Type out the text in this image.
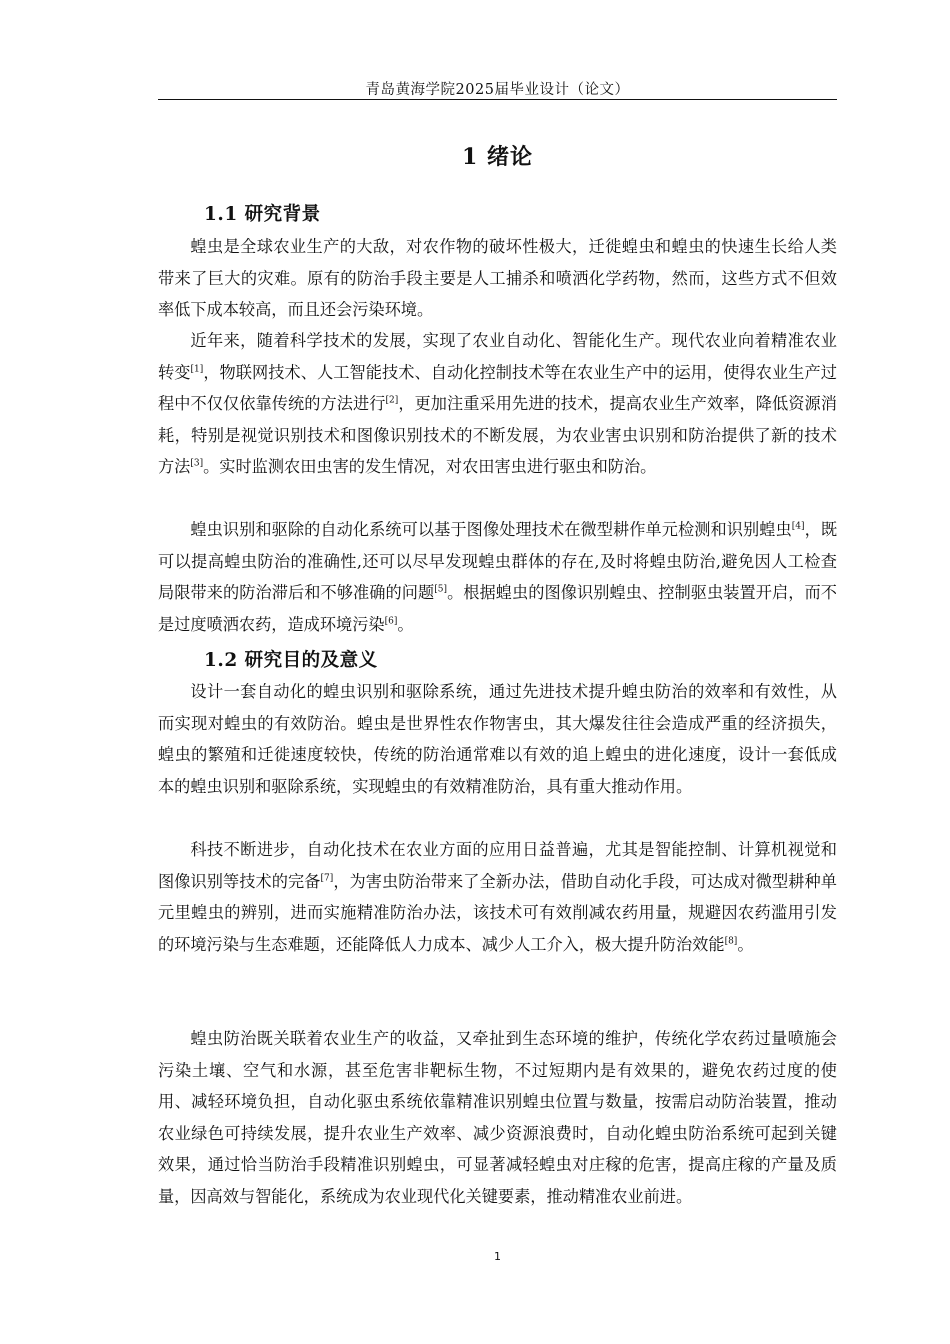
青岛黄海学院2025届毕业设计（论文）
1 绪论
1.1 研究背景

蝗虫是全球农业生产的大敌，对农作物的破坏性极大，迁徙蝗虫和蝗虫的快速生长给人类带来了巨大的灾难。原有的防治手段主要是人工捕杀和喷洒化学药物，然而，这些方式不但效率低下成本较高，而且还会污染环境。

近年来，随着科学技术的发展，实现了农业自动化、智能化生产。现代农业向着精准农业转变[1]，物联网技术、人工智能技术、自动化控制技术等在农业生产中的运用，使得农业生产过程中不仅仅依靠传统的方法进行[2]，更加注重采用先进的技术，提高农业生产效率，降低资源消耗，特别是视觉识别技术和图像识别技术的不断发展，为农业害虫识别和防治提供了新的技术方法[3]。实时监测农田虫害的发生情况，对农田害虫进行驱虫和防治。

蝗虫识别和驱除的自动化系统可以基于图像处理技术在微型耕作单元检测和识别蝗虫[4]，既可以提高蝗虫防治的准确性,还可以尽早发现蝗虫群体的存在,及时将蝗虫防治,避免因人工检查局限带来的防治滞后和不够准确的问题[5]。根据蝗虫的图像识别蝗虫、控制驱虫装置开启，而不是过度喷洒农药，造成环境污染[6]。

1.2 研究目的及意义

设计一套自动化的蝗虫识别和驱除系统，通过先进技术提升蝗虫防治的效率和有效性，从而实现对蝗虫的有效防治。蝗虫是世界性农作物害虫，其大爆发往往会造成严重的经济损失，蝗虫的繁殖和迁徙速度较快，传统的防治通常难以有效的追上蝗虫的进化速度，设计一套低成本的蝗虫识别和驱除系统，实现蝗虫的有效精准防治，具有重大推动作用。

科技不断进步，自动化技术在农业方面的应用日益普遍，尤其是智能控制、计算机视觉和图像识别等技术的完备[7]，为害虫防治带来了全新办法，借助自动化手段，可达成对微型耕种单元里蝗虫的辨别，进而实施精准防治办法，该技术可有效削减农药用量，规避因农药滥用引发的环境污染与生态难题，还能降低人力成本、减少人工介入，极大提升防治效能[8]。

蝗虫防治既关联着农业生产的收益，又牵扯到生态环境的维护，传统化学农药过量喷施会污染土壤、空气和水源，甚至危害非靶标生物，不过短期内是有效果的，避免农药过度的使用、减轻环境负担，自动化驱虫系统依靠精准识别蝗虫位置与数量，按需启动防治装置，推动农业绿色可持续发展，提升农业生产效率、减少资源浪费时，自动化蝗虫防治系统可起到关键效果，通过恰当防治手段精准识别蝗虫，可显著减轻蝗虫对庄稼的危害，提高庄稼的产量及质量，因高效与智能化，系统成为农业现代化关键要素，推动精准农业前进。

1
